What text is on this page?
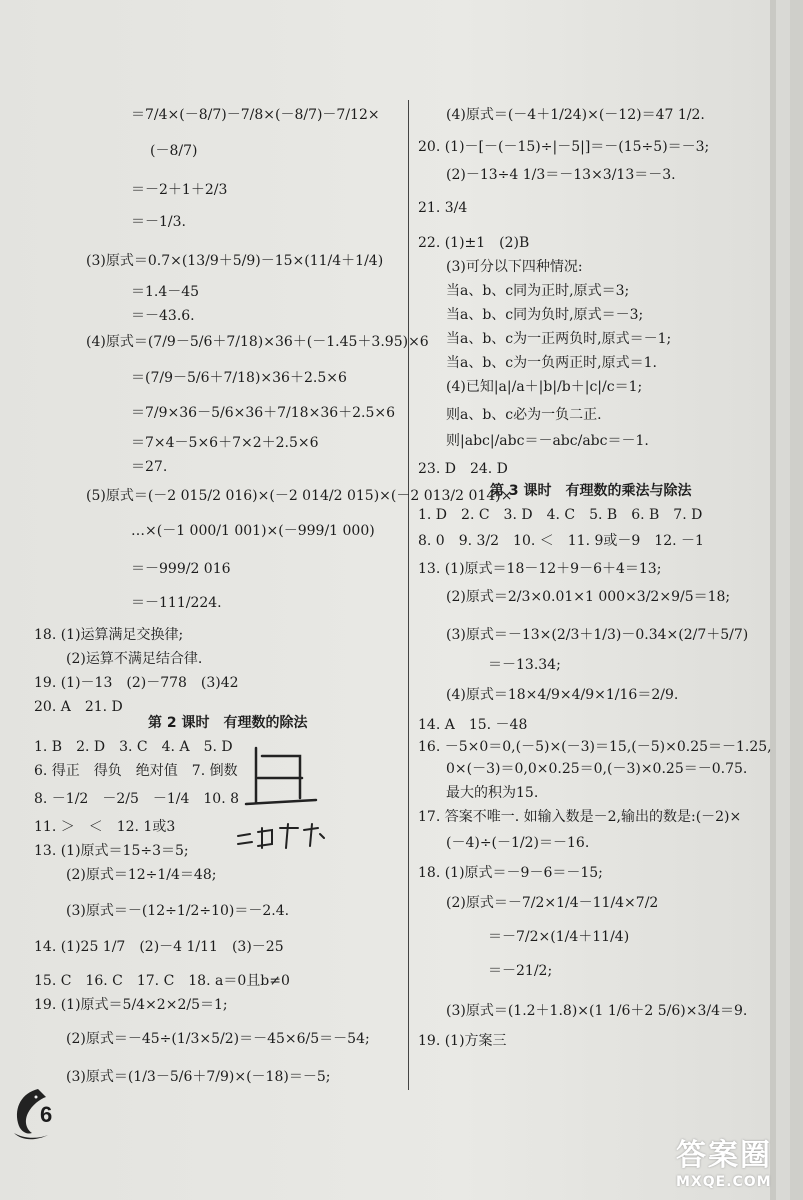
＝7/4×(－8/7)－7/8×(－8/7)－7/12×
(－8/7)
＝－2＋1＋2/3
＝－1/3.
(3)原式＝0.7×(13/9＋5/9)－15×(11/4＋1/4)
＝1.4－45
＝－43.6.
(4)原式＝(7/9－5/6＋7/18)×36＋(－1.45＋3.95)×6
＝(7/9－5/6＋7/18)×36＋2.5×6
＝7/9×36－5/6×36＋7/18×36＋2.5×6
＝7×4－5×6＋7×2＋2.5×6
＝27.
(5)原式＝(－2 015/2 016)×(－2 014/2 015)×(－2 013/2 014)×
…×(－1 000/1 001)×(－999/1 000)
＝－999/2 016
＝－111/224.
18. (1)运算满足交换律;
(2)运算不满足结合律.
19. (1)－13　(2)－778　(3)42
20. A　21. D
第 2 课时　有理数的除法
1. B　2. D　3. C　4. A　5. D
6. 得正　得负　绝对值　7. 倒数
8. －1/2　－2/5　－1/4　10. 8
11. ＞　＜　12. 1或3
13. (1)原式＝15÷3＝5;
(2)原式＝12÷1/4＝48;
(3)原式＝－(12÷1/2÷10)＝－2.4.
14. (1)25 1/7　(2)－4 1/11　(3)－25
15. C　16. C　17. C　18. a＝0且b≠0
19. (1)原式＝5/4×2×2/5＝1;
(2)原式＝－45÷(1/3×5/2)＝－45×6/5＝－54;
(3)原式＝(1/3－5/6＋7/9)×(－18)＝－5;
(4)原式＝(－4＋1/24)×(－12)＝47 1/2.
20. (1)－[－(－15)÷|－5|]＝－(15÷5)＝－3;
(2)－13÷4 1/3＝－13×3/13＝－3.
21. 3/4
22. (1)±1　(2)B
(3)可分以下四种情况:
当a、b、c同为正时,原式＝3;
当a、b、c同为负时,原式＝－3;
当a、b、c为一正两负时,原式＝－1;
当a、b、c为一负两正时,原式＝1.
(4)已知|a|/a＋|b|/b＋|c|/c＝1;
则a、b、c必为一负二正.
则|abc|/abc＝－abc/abc＝－1.
23. D　24. D
第 3 课时　有理数的乘法与除法
1. D　2. C　3. D　4. C　5. B　6. B　7. D
8. 0　9. 3/2　10. ＜　11. 9或－9　12. －1
13. (1)原式＝18－12＋9－6＋4＝13;
(2)原式＝2/3×0.01×1 000×3/2×9/5＝18;
(3)原式＝－13×(2/3＋1/3)－0.34×(2/7＋5/7)
＝－13.34;
(4)原式＝18×4/9×4/9×1/16＝2/9.
14. A　15. －48
16. －5×0＝0,(－5)×(－3)＝15,(－5)×0.25＝－1.25,
0×(－3)＝0,0×0.25＝0,(－3)×0.25＝－0.75.
最大的积为15.
17. 答案不唯一. 如输入数是－2,输出的数是:(－2)×
(－4)÷(－1/2)＝－16.
18. (1)原式＝－9－6＝－15;
(2)原式＝－7/2×1/4－11/4×7/2
＝－7/2×(1/4＋11/4)
＝－21/2;
(3)原式＝(1.2＋1.8)×(1 1/6＋2 5/6)×3/4＝9.
19. (1)方案三
6
答案圈
MXQE.COM
